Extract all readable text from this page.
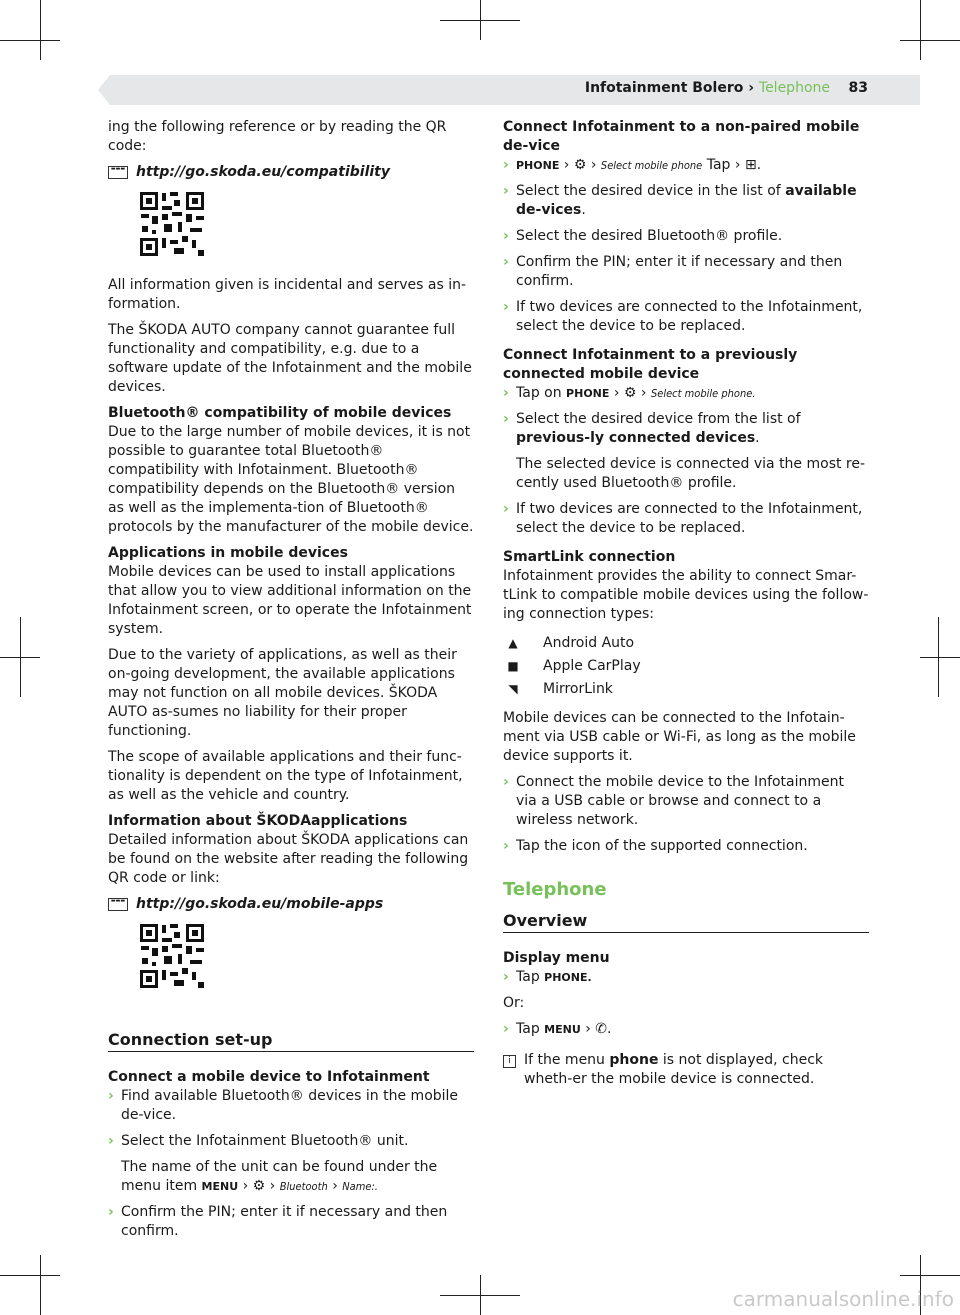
Infotainment Bolero › Telephone 83

ing the following reference or by reading the QR code:

▬▬▬ http://go.skoda.eu/compatibility

All information given is incidental and serves as in-formation.

The ŠKODA AUTO company cannot guarantee full functionality and compatibility, e.g. due to a software update of the Infotainment and the mobile devices.

Bluetooth® compatibility of mobile devices

Due to the large number of mobile devices, it is not possible to guarantee total Bluetooth® compatibility with Infotainment. Bluetooth® compatibility depends on the Bluetooth® version as well as the implementa-tion of Bluetooth® protocols by the manufacturer of the mobile device.

Applications in mobile devices

Mobile devices can be used to install applications that allow you to view additional information on the Infotainment screen, or to operate the Infotainment system.

Due to the variety of applications, as well as their on-going development, the available applications may not function on all mobile devices. ŠKODA AUTO as-sumes no liability for their proper functioning.

The scope of available applications and their func-tionality is dependent on the type of Infotainment, as well as the vehicle and country.

Information about ŠKODAapplications

Detailed information about ŠKODA applications can be found on the website after reading the following QR code or link:

▬▬▬ http://go.skoda.eu/mobile-apps
Connection set-up
Connect a mobile device to Infotainment
› Find available Bluetooth® devices in the mobile de-vice.
› Select the Infotainment Bluetooth® unit.

The name of the unit can be found under the menu item MENU › ⚙ › Bluetooth › Name:.

› Confirm the PIN; enter it if necessary and then confirm.
Connect Infotainment to a non-paired mobile de-vice
› PHONE › ⚙ › Select mobile phone Tap › ⊞.
› Select the desired device in the list of available de-vices.
› Select the desired Bluetooth® profile.
› Confirm the PIN; enter it if necessary and then confirm.
› If two devices are connected to the Infotainment, select the device to be replaced.
Connect Infotainment to a previously connected mobile device
› Tap on PHONE › ⚙ › Select mobile phone.
› Select the desired device from the list of previous-ly connected devices.

The selected device is connected via the most re-cently used Bluetooth® profile.

› If two devices are connected to the Infotainment, select the device to be replaced.
SmartLink connection

Infotainment provides the ability to connect Smar-tLink to compatible mobile devices using the follow-ing connection types:

▲	Android Auto
■	Apple CarPlay
◥	MirrorLink

Mobile devices can be connected to the Infotain-ment via USB cable or Wi-Fi, as long as the mobile device supports it.

› Connect the mobile device to the Infotainment via a USB cable or browse and connect to a wireless network.
› Tap the icon of the supported connection.
Telephone
Overview
Display menu
› Tap PHONE.

Or:

› Tap MENU › ✆.
i If the menu phone is not displayed, check wheth-er the mobile device is connected.
carmanualsonline.info
